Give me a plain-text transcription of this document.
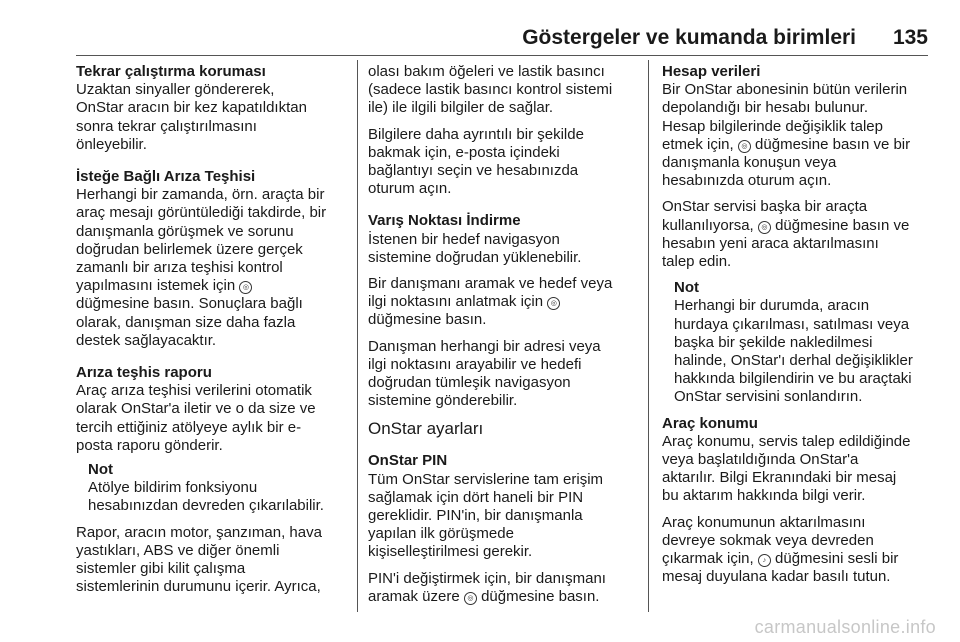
Göstergeler ve kumanda birimleri 135
Tekrar çalıştırma koruması
Uzaktan sinyaller göndererek,
OnStar aracın bir kez kapatıldıktan
sonra tekrar çalıştırılmasını
önleyebilir.
İsteğe Bağlı Arıza Teşhisi
Herhangi bir zamanda, örn. araçta bir
araç mesajı görüntülediği takdirde, bir
danışmanla görüşmek ve sorunu
doğrudan belirlemek üzere gerçek
zamanlı bir arıza teşhisi kontrol
yapılmasını istemek için ◎
düğmesine basın. Sonuçlara bağlı
olarak, danışman size daha fazla
destek sağlayacaktır.
Arıza teşhis raporu
Araç arıza teşhisi verilerini otomatik
olarak OnStar'a iletir ve o da size ve
tercih ettiğiniz atölyeye aylık bir e-
posta raporu gönderir.
Not
Atölye bildirim fonksiyonu
hesabınızdan devreden çıkarılabilir.

Rapor, aracın motor, şanzıman, hava
yastıkları, ABS ve diğer önemli
sistemler gibi kilit çalışma
sistemlerinin durumunu içerir. Ayrıca,

olası bakım öğeleri ve lastik basıncı
(sadece lastik basıncı kontrol sistemi
ile) ile ilgili bilgiler de sağlar.

Bilgilere daha ayrıntılı bir şekilde
bakmak için, e-posta içindeki
bağlantıyı seçin ve hesabınızda
oturum açın.

Varış Noktası İndirme
İstenen bir hedef navigasyon
sistemine doğrudan yüklenebilir.

Bir danışmanı aramak ve hedef veya
ilgi noktasını anlatmak için ◎
düğmesine basın.

Danışman herhangi bir adresi veya
ilgi noktasını arayabilir ve hedefi
doğrudan tümleşik navigasyon
sistemine gönderebilir.

OnStar ayarları
OnStar PIN
Tüm OnStar servislerine tam erişim
sağlamak için dört haneli bir PIN
gereklidir. PIN'in, bir danışmanla
yapılan ilk görüşmede
kişiselleştirilmesi gerekir.

PIN'i değiştirmek için, bir danışmanı
aramak üzere ◎ düğmesine basın.

Hesap verileri
Bir OnStar abonesinin bütün verilerin
depolandığı bir hesabı bulunur.
Hesap bilgilerinde değişiklik talep
etmek için, ◎ düğmesine basın ve bir
danışmanla konuşun veya
hesabınızda oturum açın.

OnStar servisi başka bir araçta
kullanılıyorsa, ◎ düğmesine basın ve
hesabın yeni araca aktarılmasını
talep edin.

Not
Herhangi bir durumda, aracın
hurdaya çıkarılması, satılması veya
başka bir şekilde nakledilmesi
halinde, OnStar'ı derhal değişiklikler
hakkında bilgilendirin ve bu araçtaki
OnStar servisini sonlandırın.
Araç konumu
Araç konumu, servis talep edildiğinde
veya başlatıldığında OnStar'a
aktarılır. Bilgi Ekranındaki bir mesaj
bu aktarım hakkında bilgi verir.

Araç konumunun aktarılmasını
devreye sokmak veya devreden
çıkarmak için, ♪ düğmesini sesli bir
mesaj duyulana kadar basılı tutun.

carmanualsonline.info
